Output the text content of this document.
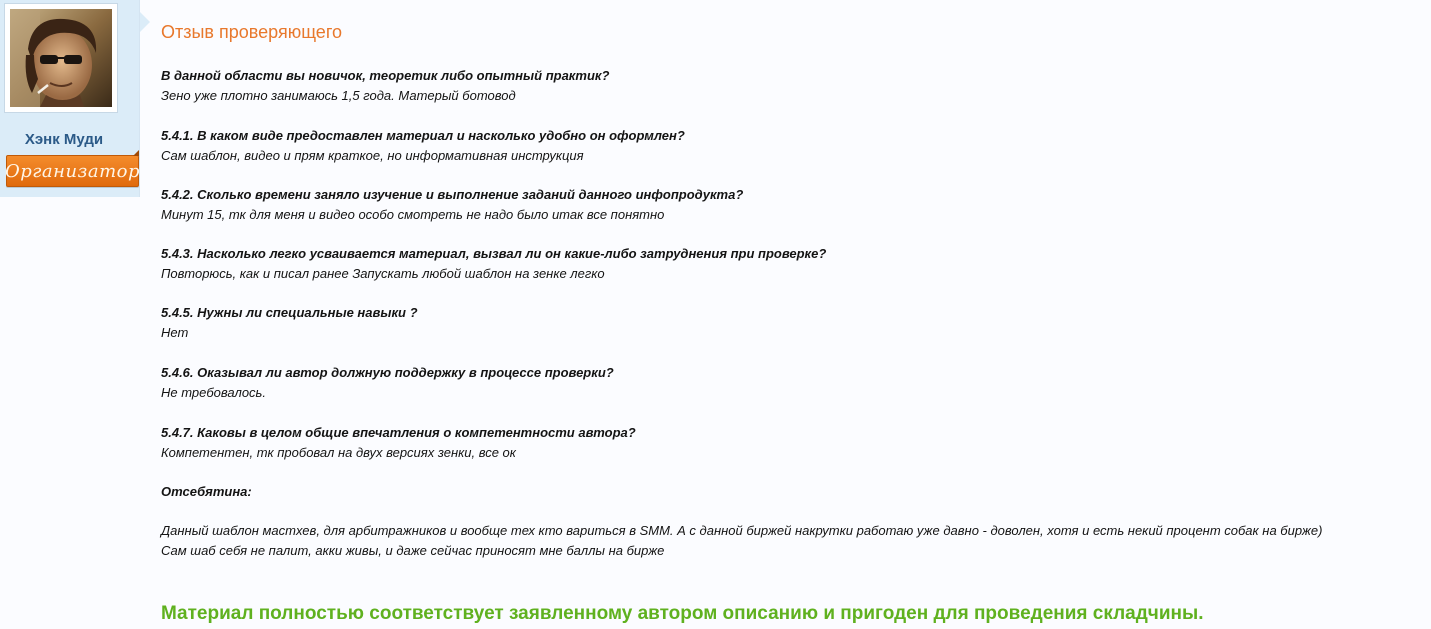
Хэнк Муди
Организатор
Отзыв проверяющего
В данной области вы новичок, теоретик либо опытный практик?
Зено уже плотно занимаюсь 1,5 года. Матерый ботовод
5.4.1. В каком виде предоставлен материал и насколько удобно он оформлен?
Сам шаблон, видео и прям краткое, но информативная инструкция
5.4.2. Сколько времени заняло изучение и выполнение заданий данного инфопродукта?
Минут 15, тк для меня и видео особо смотреть не надо было итак все понятно
5.4.3. Насколько легко усваивается материал, вызвал ли он какие-либо затруднения при проверке?
Повторюсь, как и писал ранее Запускать любой шаблон на зенке легко
5.4.5. Нужны ли специальные навыки ?
Нет
5.4.6. Оказывал ли автор должную поддержку в процессе проверки?
Не требовалось.
5.4.7. Каковы в целом общие впечатления о компетентности автора?
Компетентен, тк пробовал на двух версиях зенки, все ок
Отсебятина:
Данный шаблон мастхев, для арбитражников и вообще тех кто вариться в SMM. А с данной биржей накрутки работаю уже давно - доволен, хотя и есть некий процент собак на бирже)
Сам шаб себя не палит, акки живы, и даже сейчас приносят мне баллы на бирже
Материал полностью соответствует заявленному автором описанию и пригоден для проведения складчины.
